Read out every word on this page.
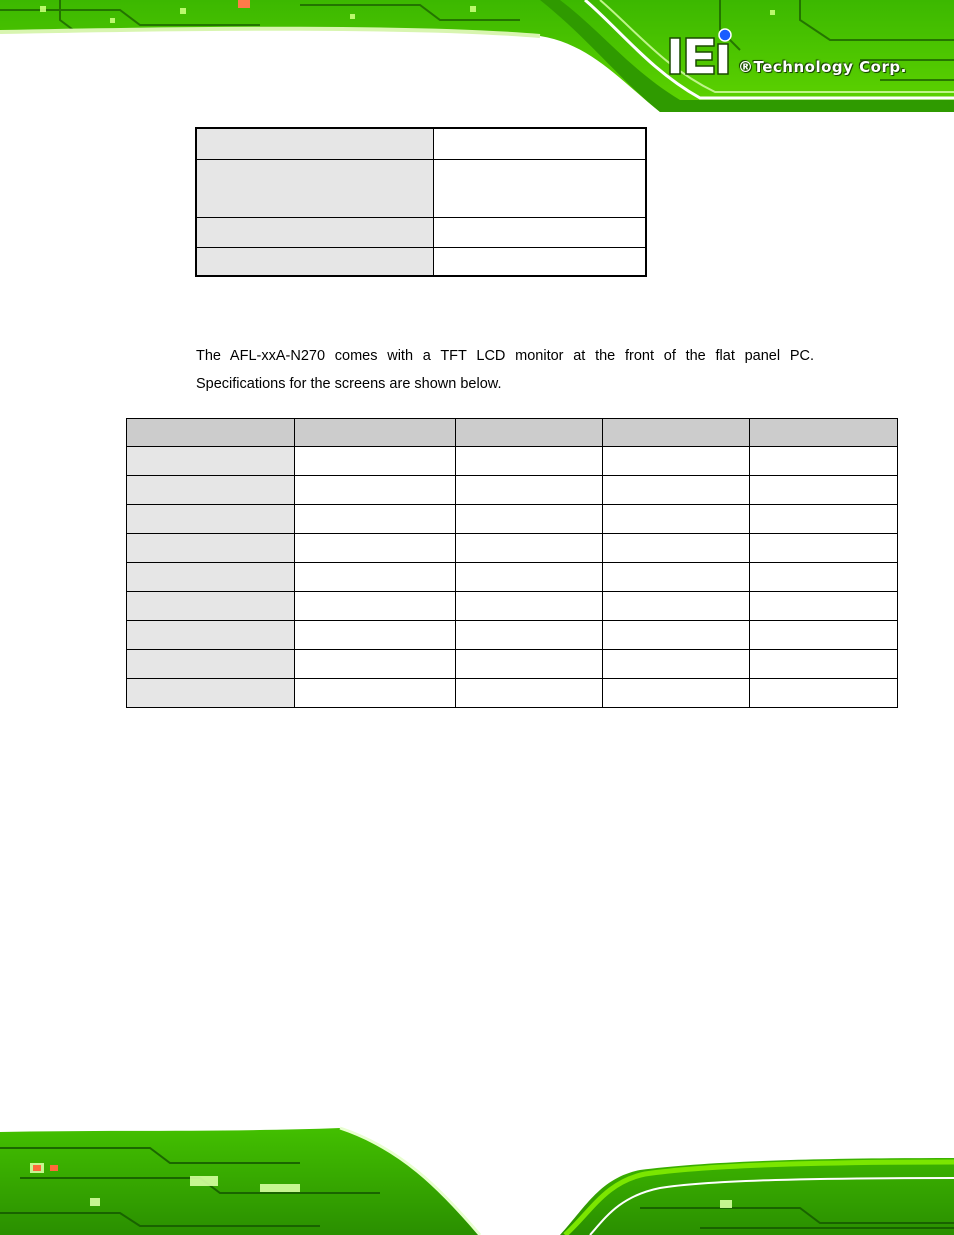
®Technology Corp.

The AFL-xxA-N270 comes with a TFT LCD monitor at the front of the flat panel PC.
Specifications for the screens are shown below.
